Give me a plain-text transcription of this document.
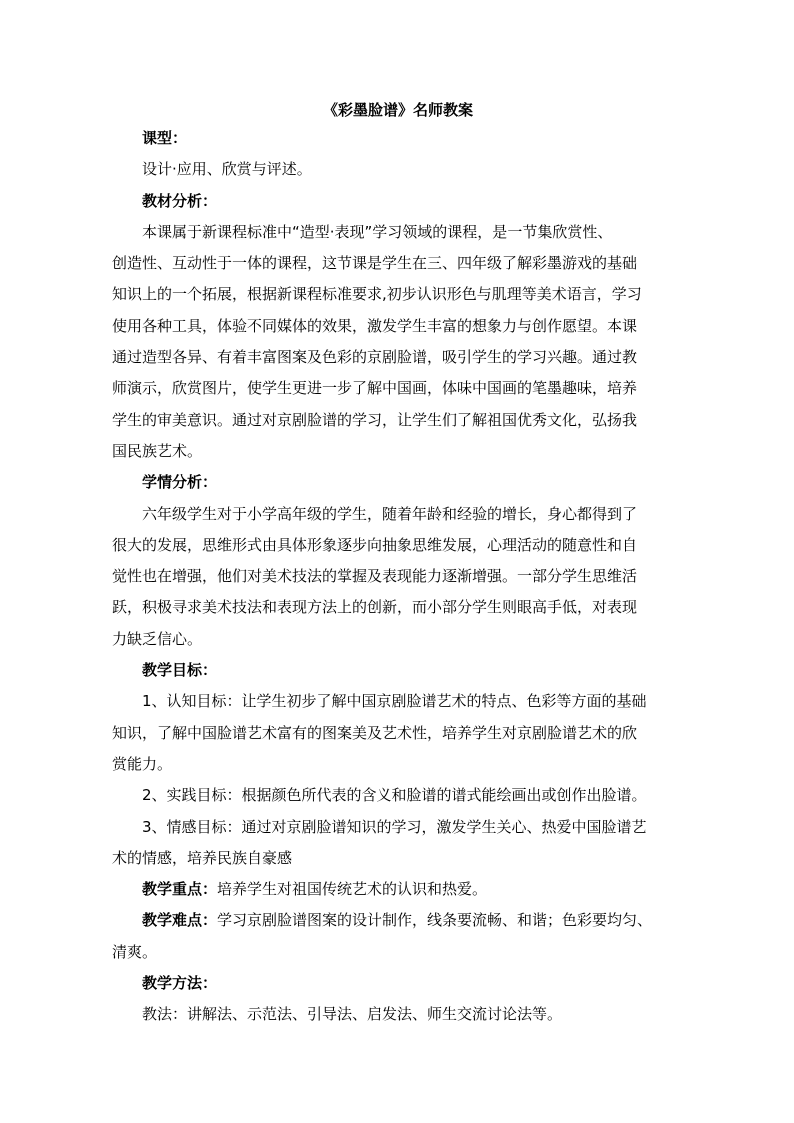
《彩墨脸谱》名师教案
课型：
设计·应用、欣赏与评述。
教材分析：
本课属于新课程标准中“造型·表现”学习领域的课程，是一节集欣赏性、
创造性、互动性于一体的课程，这节课是学生在三、四年级了解彩墨游戏的基础
知识上的一个拓展，根据新课程标准要求,初步认识形色与肌理等美术语言，学习
使用各种工具，体验不同媒体的效果，激发学生丰富的想象力与创作愿望。本课
通过造型各异、有着丰富图案及色彩的京剧脸谱，吸引学生的学习兴趣。通过教
师演示，欣赏图片，使学生更进一步了解中国画，体味中国画的笔墨趣味，培养
学生的审美意识。通过对京剧脸谱的学习，让学生们了解祖国优秀文化，弘扬我
国民族艺术。
学情分析：
六年级学生对于小学高年级的学生，随着年龄和经验的增长，身心都得到了
很大的发展，思维形式由具体形象逐步向抽象思维发展，心理活动的随意性和自
觉性也在增强，他们对美术技法的掌握及表现能力逐渐增强。一部分学生思维活
跃，积极寻求美术技法和表现方法上的创新，而小部分学生则眼高手低，对表现
力缺乏信心。
教学目标：
1、认知目标：让学生初步了解中国京剧脸谱艺术的特点、色彩等方面的基础
知识，了解中国脸谱艺术富有的图案美及艺术性，培养学生对京剧脸谱艺术的欣
赏能力。
2、实践目标：根据颜色所代表的含义和脸谱的谱式能绘画出或创作出脸谱。
3、情感目标：通过对京剧脸谱知识的学习，激发学生关心、热爱中国脸谱艺
术的情感，培养民族自豪感
教学重点：培养学生对祖国传统艺术的认识和热爱。
教学难点：学习京剧脸谱图案的设计制作，线条要流畅、和谐；色彩要均匀、
清爽。
教学方法：
教法：讲解法、示范法、引导法、启发法、师生交流讨论法等。
